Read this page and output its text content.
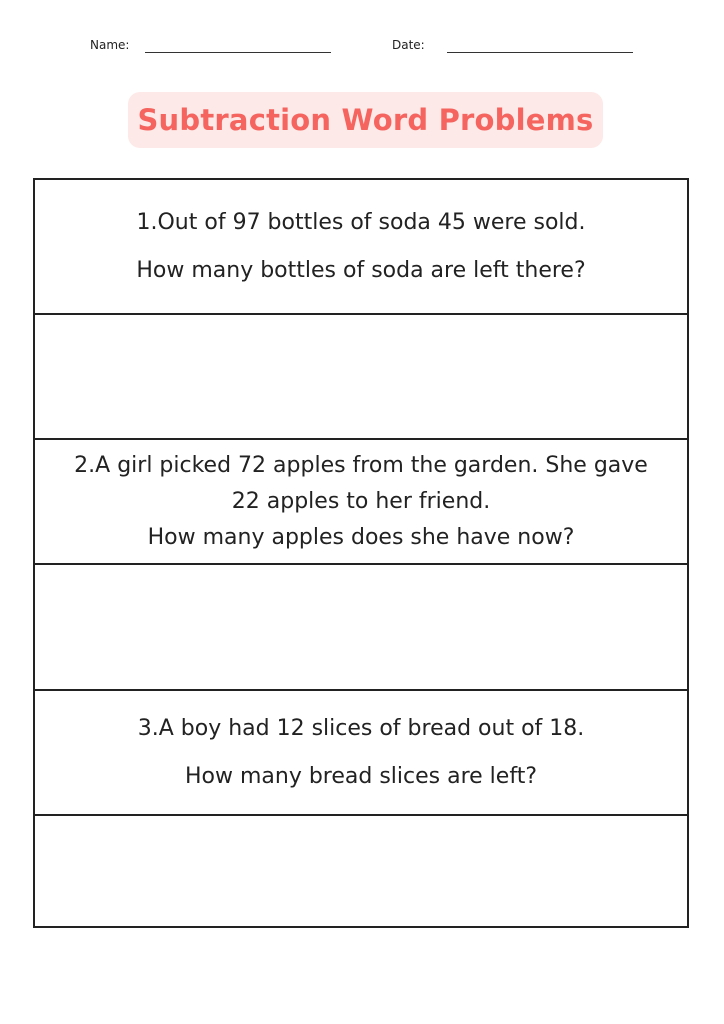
Name:	Date:
Subtraction Word Problems
1.Out of 97 bottles of soda 45 were sold.
How many bottles of soda are left there?
2.A girl picked 72 apples from the garden. She gave
22 apples to her friend.
How many apples does she have now?
3.A boy had 12 slices of bread out of 18.
How many bread slices are left?
